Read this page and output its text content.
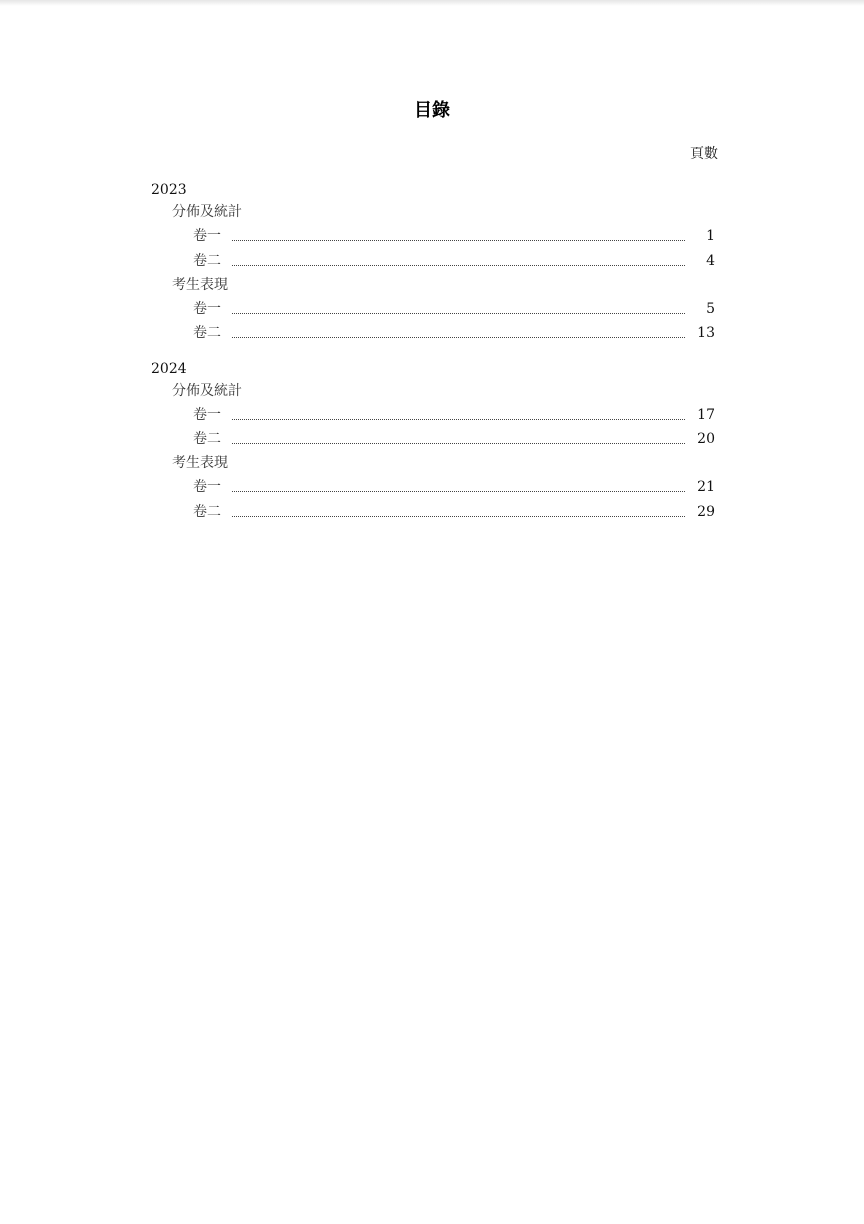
目錄
頁數
2023
分佈及統計
卷一	1
卷二	4
考生表現
卷一	5
卷二	13
2024
分佈及統計
卷一	17
卷二	20
考生表現
卷一	21
卷二	29
